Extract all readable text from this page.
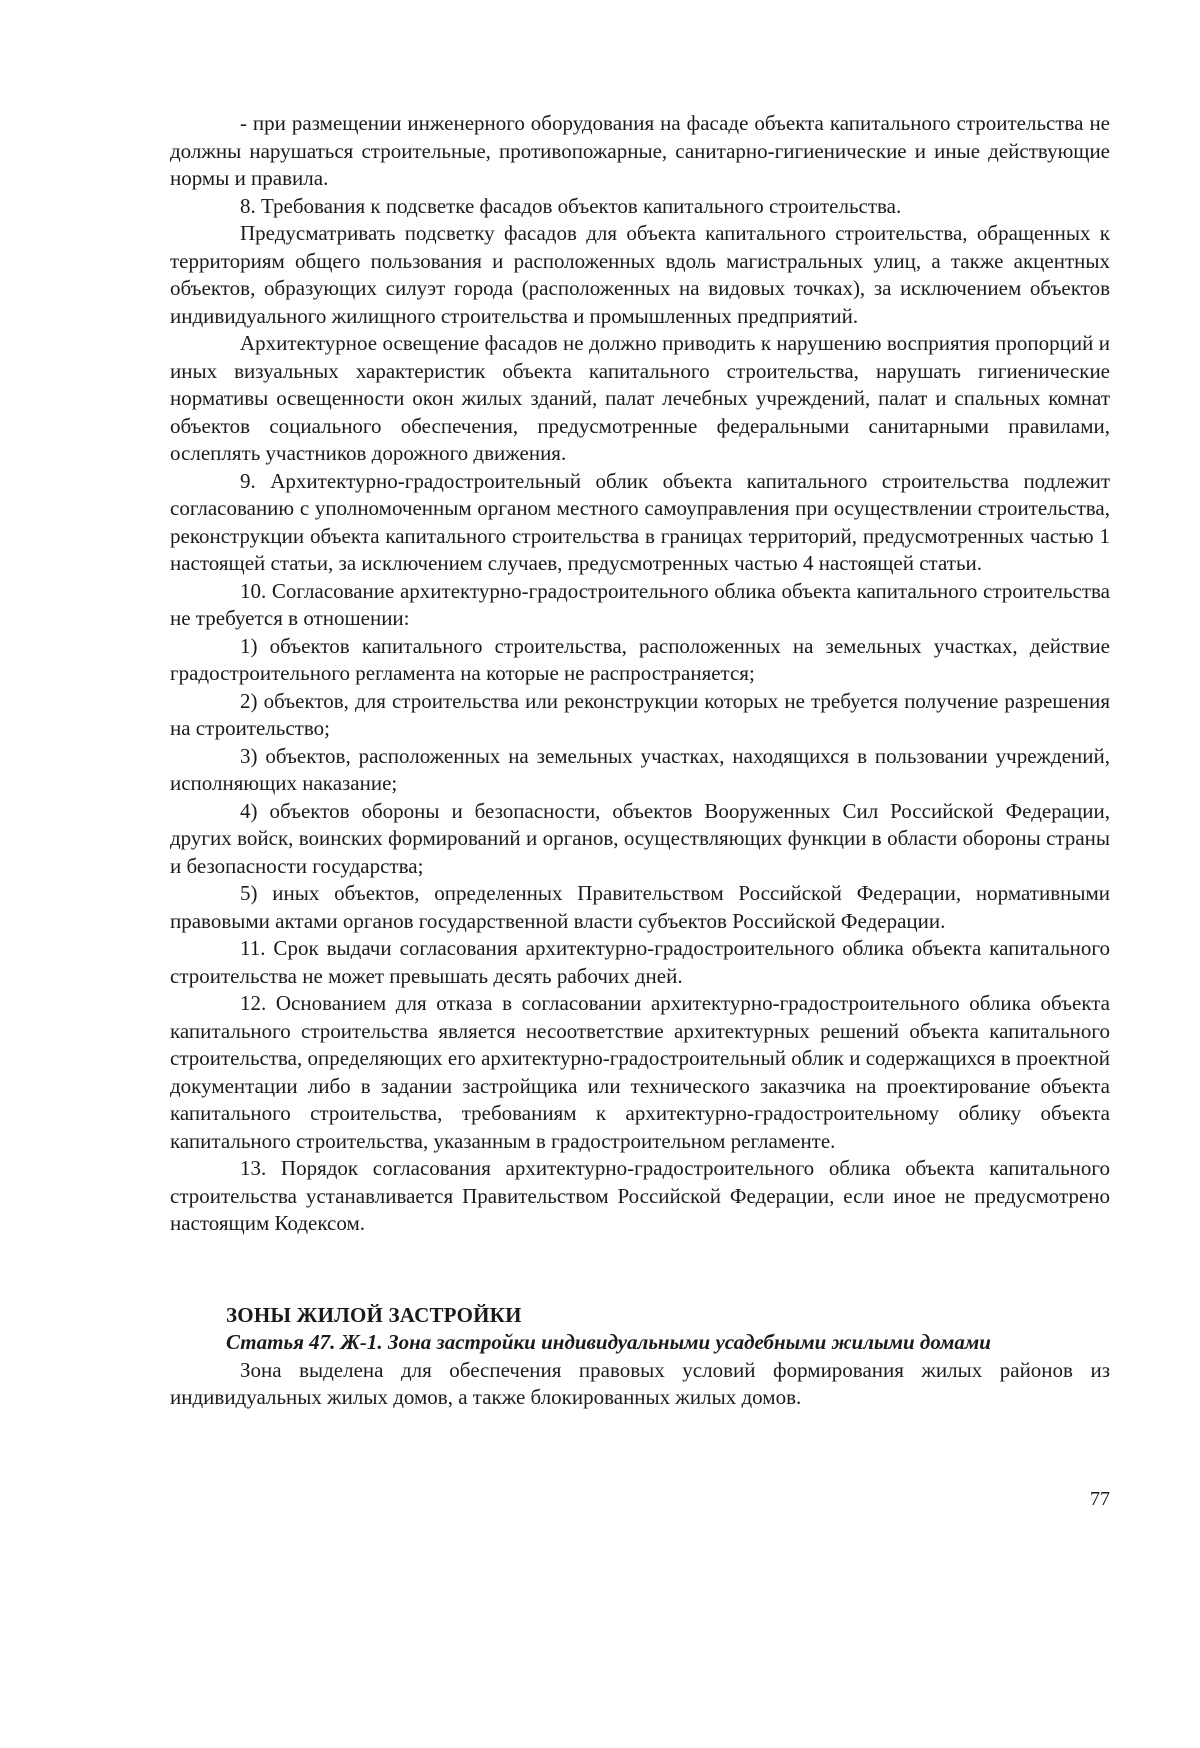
- при размещении инженерного оборудования на фасаде объекта капитального строительства не должны нарушаться строительные, противопожарные, санитарно-гигиенические и иные действующие нормы и правила.

8. Требования к подсветке фасадов объектов капитального строительства.

Предусматривать подсветку фасадов для объекта капитального строительства, обращенных к территориям общего пользования и расположенных вдоль магистральных улиц, а также акцентных объектов, образующих силуэт города (расположенных на видовых точках), за исключением объектов индивидуального жилищного строительства и промышленных предприятий.

Архитектурное освещение фасадов не должно приводить к нарушению восприятия пропорций и иных визуальных характеристик объекта капитального строительства, нарушать гигиенические нормативы освещенности окон жилых зданий, палат лечебных учреждений, палат и спальных комнат объектов социального обеспечения, предусмотренные федеральными санитарными правилами, ослеплять участников дорожного движения.

9. Архитектурно-градостроительный облик объекта капитального строительства подлежит согласованию с уполномоченным органом местного самоуправления при осуществлении строительства, реконструкции объекта капитального строительства в границах территорий, предусмотренных частью 1 настоящей статьи, за исключением случаев, предусмотренных частью 4 настоящей статьи.

10. Согласование архитектурно-градостроительного облика объекта капитального строительства не требуется в отношении:

1) объектов капитального строительства, расположенных на земельных участках, действие градостроительного регламента на которые не распространяется;

2) объектов, для строительства или реконструкции которых не требуется получение разрешения на строительство;

3) объектов, расположенных на земельных участках, находящихся в пользовании учреждений, исполняющих наказание;

4) объектов обороны и безопасности, объектов Вооруженных Сил Российской Федерации, других войск, воинских формирований и органов, осуществляющих функции в области обороны страны и безопасности государства;

5) иных объектов, определенных Правительством Российской Федерации, нормативными правовыми актами органов государственной власти субъектов Российской Федерации.

11. Срок выдачи согласования архитектурно-градостроительного облика объекта капитального строительства не может превышать десять рабочих дней.

12. Основанием для отказа в согласовании архитектурно-градостроительного облика объекта капитального строительства является несоответствие архитектурных решений объекта капитального строительства, определяющих его архитектурно-градостроительный облик и содержащихся в проектной документации либо в задании застройщика или технического заказчика на проектирование объекта капитального строительства, требованиям к архитектурно-градостроительному облику объекта капитального строительства, указанным в градостроительном регламенте.

13. Порядок согласования архитектурно-градостроительного облика объекта капитального строительства устанавливается Правительством Российской Федерации, если иное не предусмотрено настоящим Кодексом.

ЗОНЫ ЖИЛОЙ ЗАСТРОЙКИ

Статья 47. Ж-1. Зона застройки индивидуальными усадебными жилыми домами

Зона выделена для обеспечения правовых условий формирования жилых районов из индивидуальных жилых домов, а также блокированных жилых домов.

77
